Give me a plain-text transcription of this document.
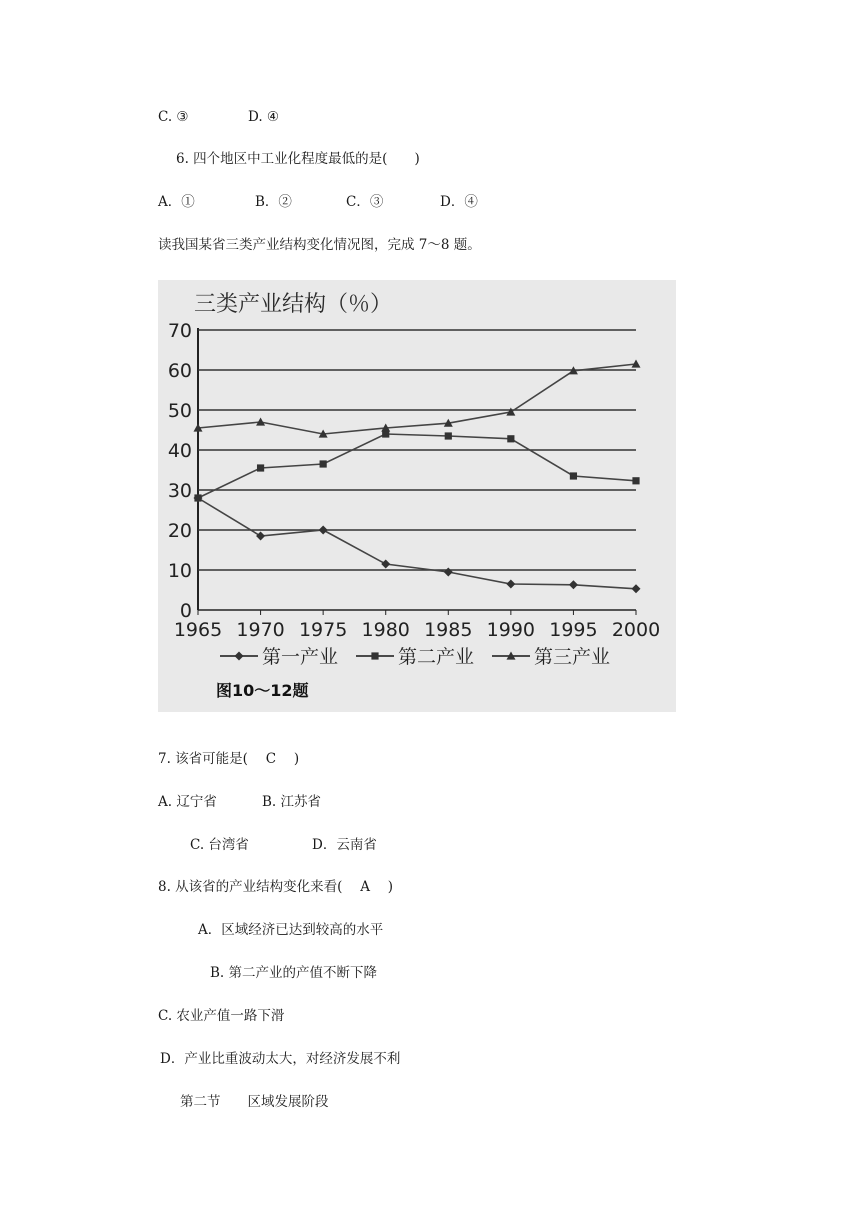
C. ③	D. ④
6. 四个地区中工业化程度最低的是(　　)
A．①	B．②	C．③	D．④
读我国某省三类产业结构变化情况图，完成 7～8 题。
三类产业结构（％）
0
10
20
30
40
50
60
70
1965 1970 1975 1980 1985 1990 1995 2000
第一产业	第二产业	第三产业
图10～12题
7. 该省可能是(　 C　 )
A. 辽宁省	B. 江苏省
C. 台湾省	D．云南省
8. 从该省的产业结构变化来看(　 A　 )
A．区域经济已达到较高的水平
B. 第二产业的产值不断下降
C. 农业产值一路下滑
D．产业比重波动太大，对经济发展不利
第二节　　区域发展阶段
